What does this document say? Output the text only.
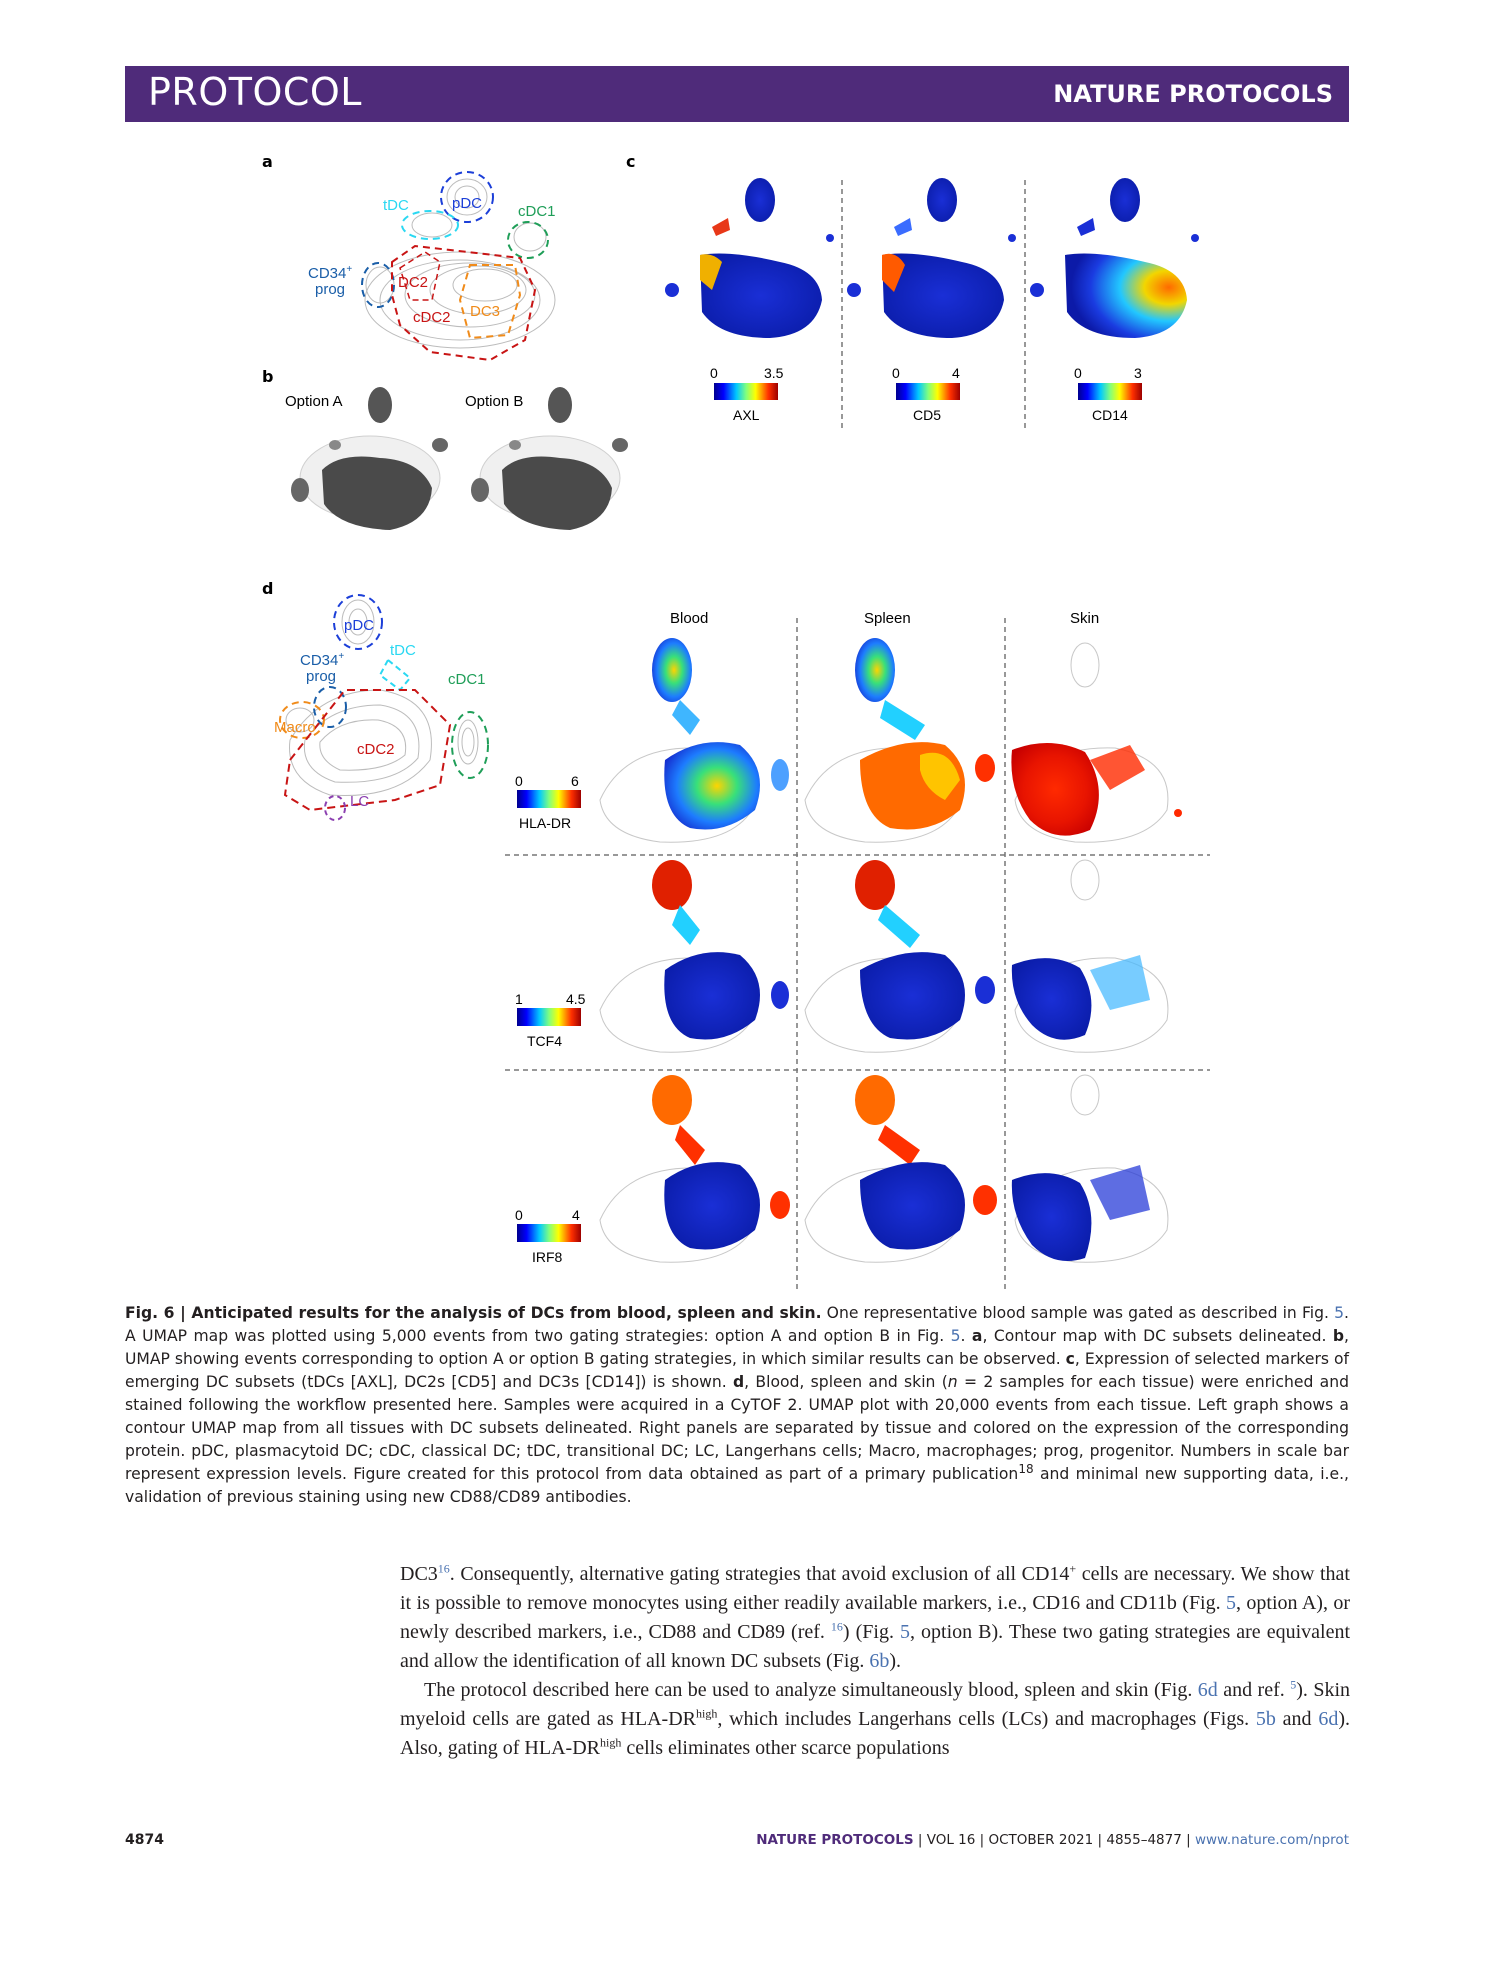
PROTOCOL	NATURE PROTOCOLS
a	c
b
d
tDC	pDC cDC1
CD34+
prog	DC2
cDC2 DC3
Option A	Option B
0	3.5
AXL
0	4
CD5
0	3
CD14
pDC
tDC
CD34+
prog	cDC1
Macro
cDC2
LC
Blood	Spleen	Skin
0	6
HLA-DR
1	4.5
TCF4
0	4
IRF8
Fig. 6 | Anticipated results for the analysis of DCs from blood, spleen and skin. One representative blood sample was gated as described in Fig. 5. A UMAP map was plotted using 5,000 events from two gating strategies: option A and option B in Fig. 5. a, Contour map with DC subsets delineated. b, UMAP showing events corresponding to option A or option B gating strategies, in which similar results can be observed. c, Expression of selected markers of emerging DC subsets (tDCs [AXL], DC2s [CD5] and DC3s [CD14]) is shown. d, Blood, spleen and skin (n = 2 samples for each tissue) were enriched and stained following the workflow presented here. Samples were acquired in a CyTOF 2. UMAP plot with 20,000 events from each tissue. Left graph shows a contour UMAP map from all tissues with DC subsets delineated. Right panels are separated by tissue and colored on the expression of the corresponding protein. pDC, plasmacytoid DC; cDC, classical DC; tDC, transitional DC; LC, Langerhans cells; Macro, macrophages; prog, progenitor. Numbers in scale bar represent expression levels. Figure created for this protocol from data obtained as part of a primary publication$^{18}$ and minimal new supporting data, i.e., validation of previous staining using new CD88/CD89 antibodies.

$DC3^{16}$. Consequently, alternative gating strategies that avoid exclusion of all CD14+ cells are necessary. We show that it is possible to remove monocytes using either readily available markers, i.e., CD16 and CD11b (Fig. 5, option A), or newly described markers, i.e., CD88 and CD89 (ref. $^{16}$) (Fig. 5, option B). These two gating strategies are equivalent and allow the identification of all known DC subsets (Fig. 6b).

The protocol described here can be used to analyze simultaneously blood, spleen and skin (Fig. 6d and ref. $^5$). Skin myeloid cells are gated as HLA-$DR^{high}$, which includes Langerhans cells (LCs) and macrophages (Figs. 5b and 6d). Also, gating of HLA-$DR^{high}$ cells eliminates other scarce populations

4874	NATURE PROTOCOLS | VOL 16 | OCTOBER 2021 | 4855–4877 | www.nature.com/nprot
